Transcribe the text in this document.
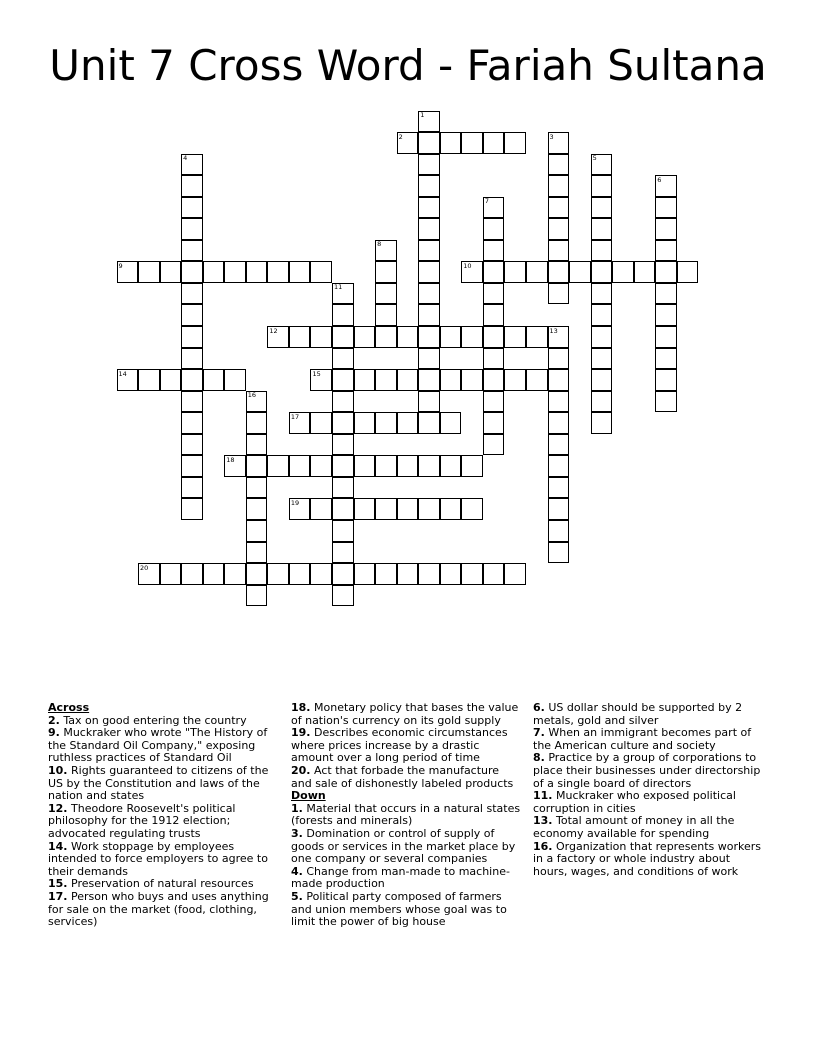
Unit 7 Cross Word - Fariah Sultana
1
2	3
4	5
6
7
8
9	10
11
12	13
14	15
16
17
18
19
20
Across
2. Tax on good entering the country
9. Muckraker who wrote "The History of the Standard Oil Company," exposing ruthless practices of Standard Oil
10. Rights guaranteed to citizens of the US by the Constitution and laws of the nation and states
12. Theodore Roosevelt's political philosophy for the 1912 election; advocated regulating trusts
14. Work stoppage by employees intended to force employers to agree to their demands
15. Preservation of natural resources
17. Person who buys and uses anything for sale on the market (food, clothing, services)
18. Monetary policy that bases the value of nation's currency on its gold supply
19. Describes economic circumstances where prices increase by a drastic amount over a long period of time
20. Act that forbade the manufacture and sale of dishonestly labeled products
Down
1. Material that occurs in a natural states (forests and minerals)
3. Domination or control of supply of goods or services in the market place by one company or several companies
4. Change from man-made to machine-made production
5. Political party composed of farmers and union members whose goal was to limit the power of big house
6. US dollar should be supported by 2 metals, gold and silver
7. When an immigrant becomes part of the American culture and society
8. Practice by a group of corporations to place their businesses under directorship of a single board of directors
11. Muckraker who exposed political corruption in cities
13. Total amount of money in all the economy available for spending
16. Organization that represents workers in a factory or whole industry about hours, wages, and conditions of work
